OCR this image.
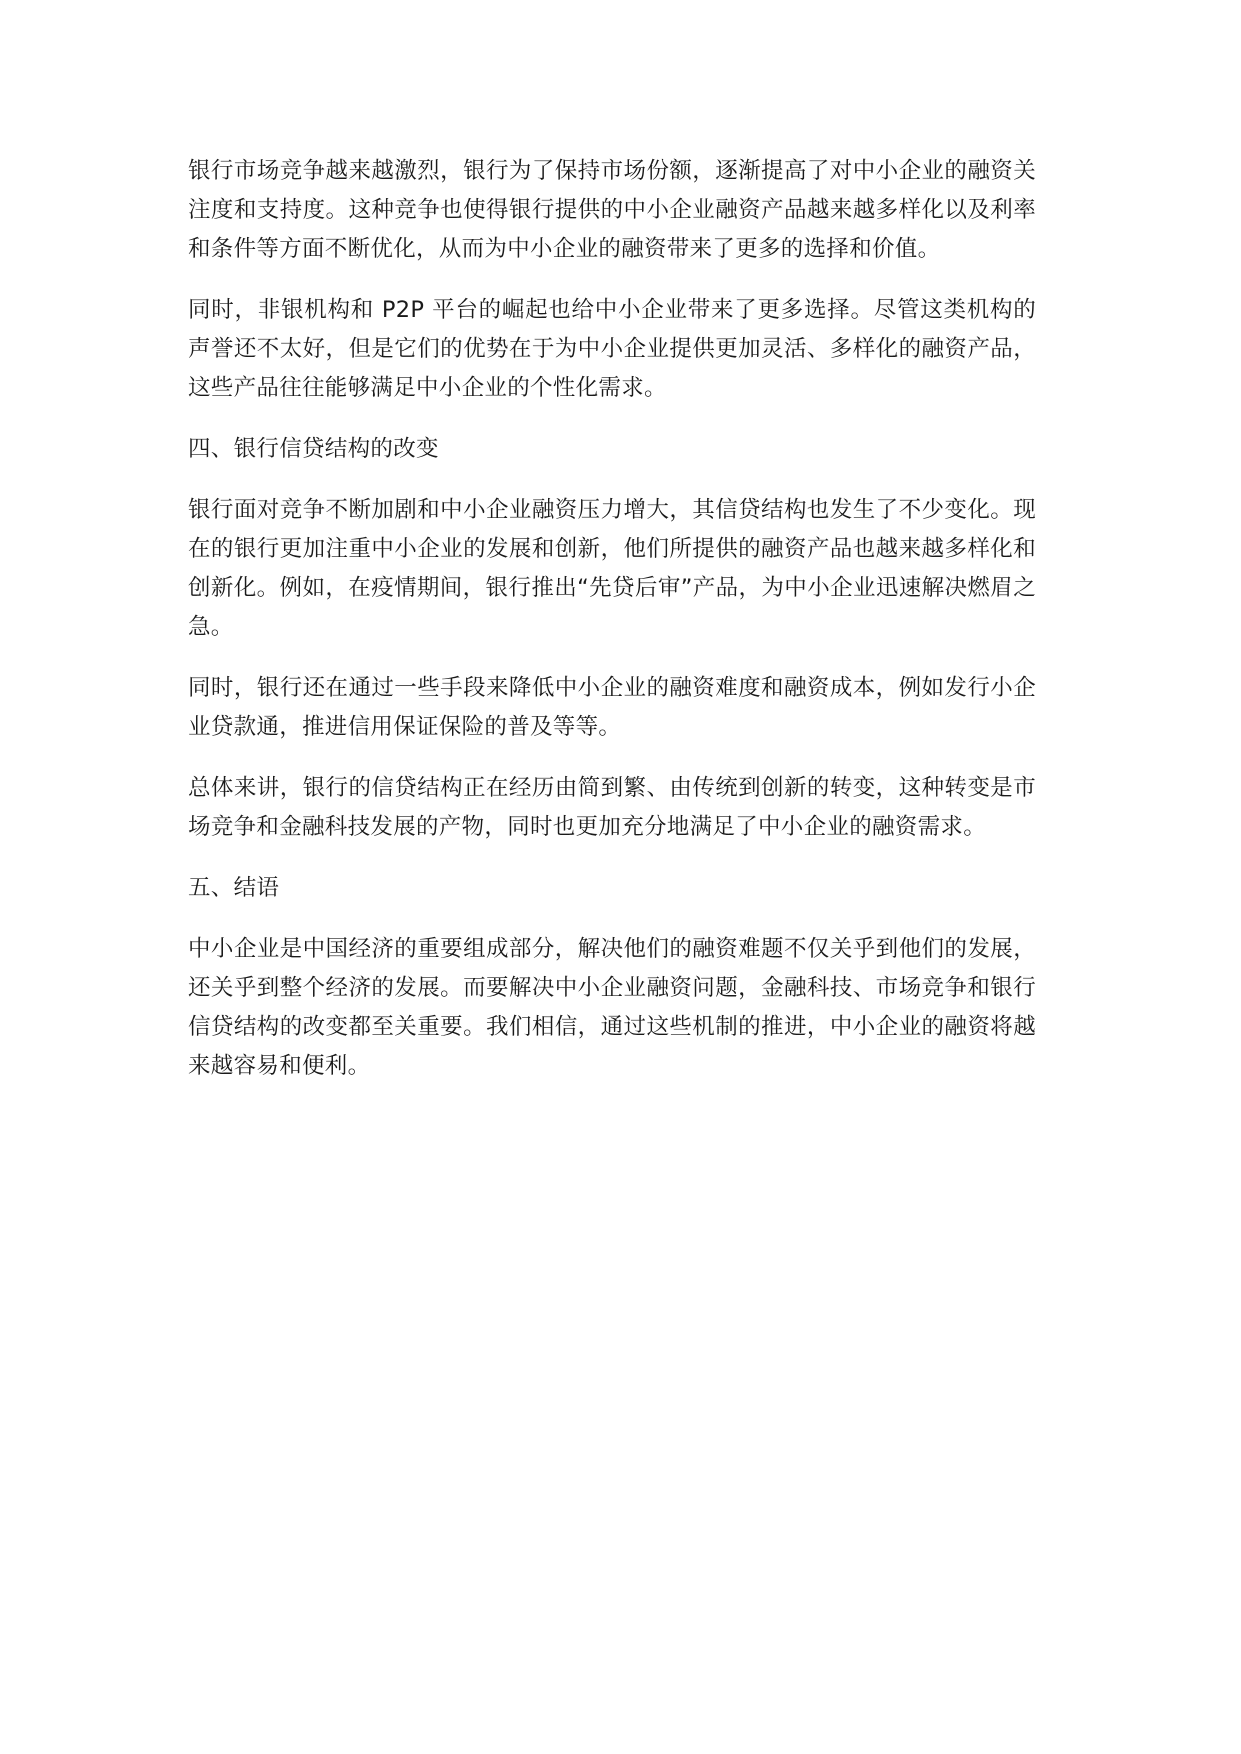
银行市场竞争越来越激烈，银行为了保持市场份额，逐渐提高了对中小企业的融资关注度和支持度。这种竞争也使得银行提供的中小企业融资产品越来越多样化以及利率和条件等方面不断优化，从而为中小企业的融资带来了更多的选择和价值。

同时，非银机构和 P2P 平台的崛起也给中小企业带来了更多选择。尽管这类机构的声誉还不太好，但是它们的优势在于为中小企业提供更加灵活、多样化的融资产品，这些产品往往能够满足中小企业的个性化需求。

四、银行信贷结构的改变

银行面对竞争不断加剧和中小企业融资压力增大，其信贷结构也发生了不少变化。现在的银行更加注重中小企业的发展和创新，他们所提供的融资产品也越来越多样化和创新化。例如，在疫情期间，银行推出“先贷后审”产品，为中小企业迅速解决燃眉之急。

同时，银行还在通过一些手段来降低中小企业的融资难度和融资成本，例如发行小企业贷款通，推进信用保证保险的普及等等。

总体来讲，银行的信贷结构正在经历由简到繁、由传统到创新的转变，这种转变是市场竞争和金融科技发展的产物，同时也更加充分地满足了中小企业的融资需求。

五、结语

中小企业是中国经济的重要组成部分，解决他们的融资难题不仅关乎到他们的发展，还关乎到整个经济的发展。而要解决中小企业融资问题，金融科技、市场竞争和银行信贷结构的改变都至关重要。我们相信，通过这些机制的推进，中小企业的融资将越来越容易和便利。
